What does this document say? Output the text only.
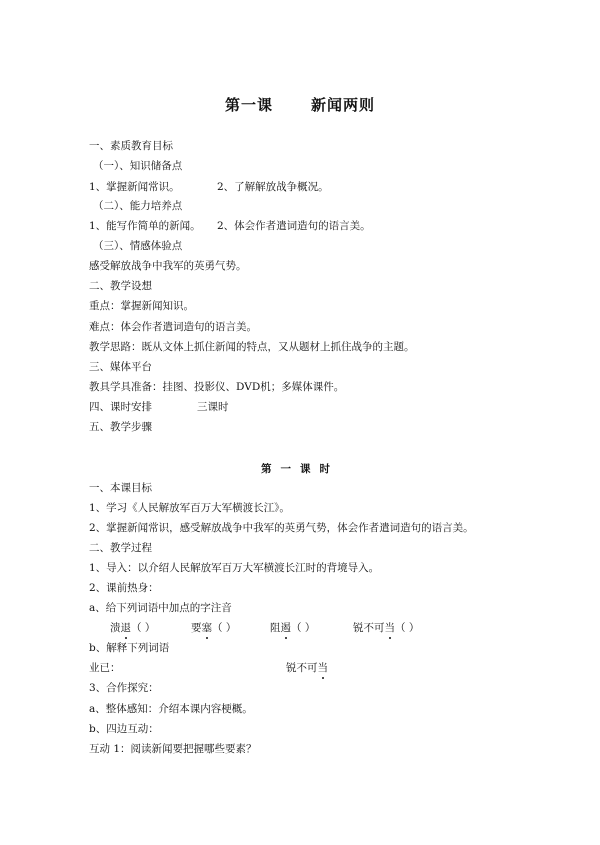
第一课	新闻两则
一、素质教育目标
（一）、知识储备点
1、掌握新闻常识。	2、了解解放战争概况。
（二）、能力培养点
1、能写作简单的新闻。 2、体会作者遣词造句的语言美。
（三）、情感体验点
感受解放战争中我军的英勇气势。
二、教学设想
重点：掌握新闻知识。
难点：体会作者遣词造句的语言美。
教学思路：既从文体上抓住新闻的特点，又从题材上抓住战争的主题。
三、媒体平台
教具学具准备：挂图、投影仪、DVD机；多媒体课件。
四、课时安排	三课时
五、教学步骤
第一课时
一、本课目标
1、学习《人民解放军百万大军横渡长江》。
2、掌握新闻常识，感受解放战争中我军的英勇气势，体会作者遣词造句的语言美。
二、教学过程
1、导入：以介绍人民解放军百万大军横渡长江时的背境导入。
2、课前热身：
a、给下列词语中加点的字注音
溃退（ ）	要塞（ ）	阻遏（ ）	锐不可当（ ）
b、解释下列词语
业已：	锐不可当
3、合作探究：
a、整体感知：介绍本课内容梗概。
b、四边互动：
互动 1：阅读新闻要把握哪些要素？
